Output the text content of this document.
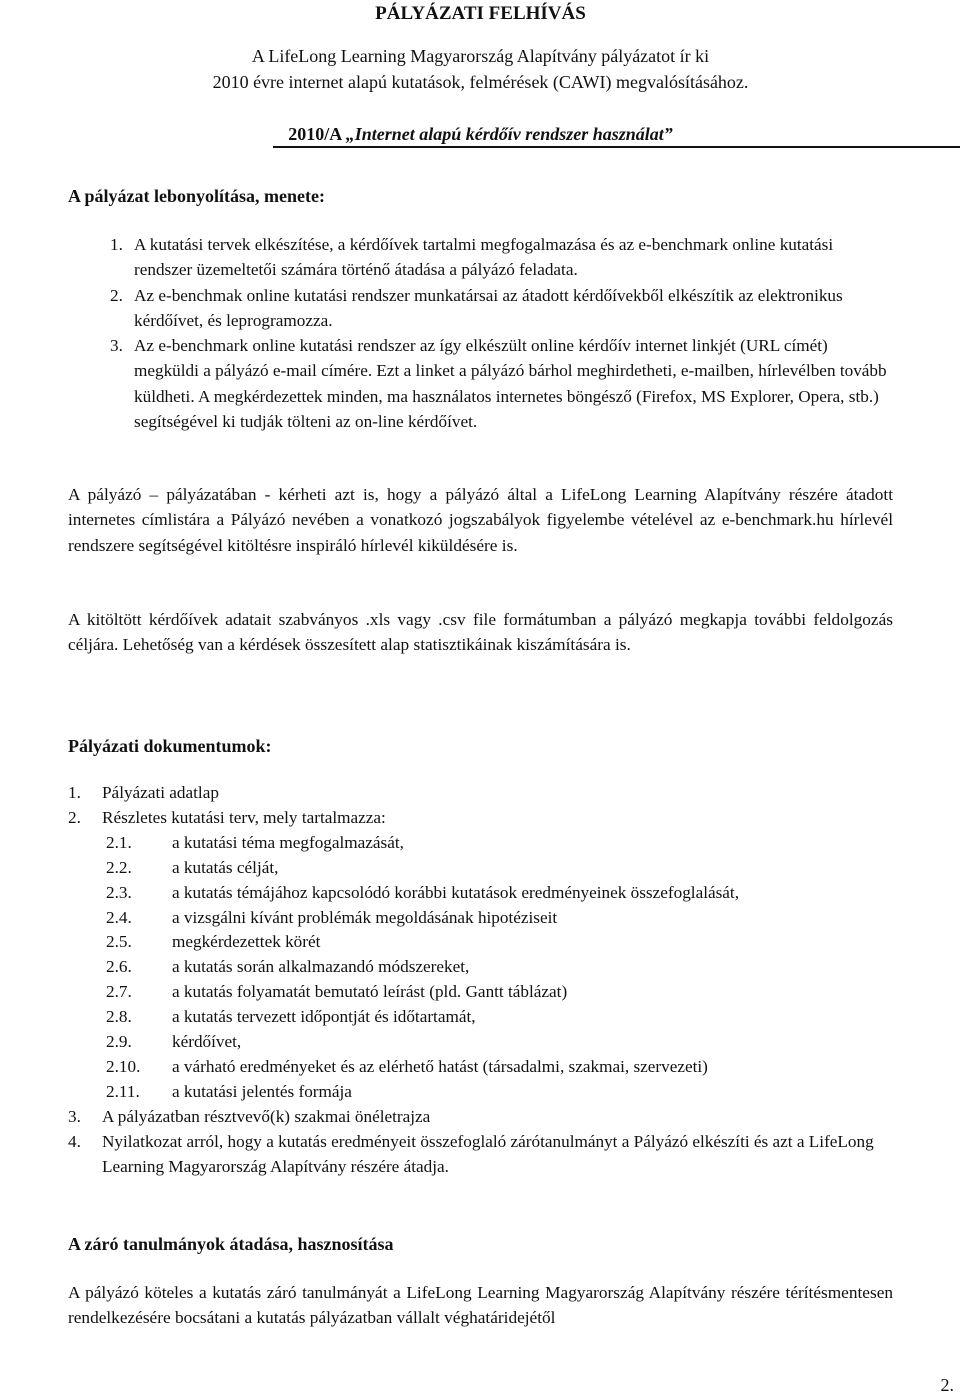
PÁLYÁZATI FELHÍVÁS
A LifeLong Learning Magyarország Alapítvány pályázatot ír ki
2010 évre internet alapú kutatások, felmérések (CAWI) megvalósításához.
2010/A „Internet alapú kérdőív rendszer használat”
A pályázat lebonyolítása, menete:
1. A kutatási tervek elkészítése, a kérdőívek tartalmi megfogalmazása és az e-benchmark online kutatási rendszer üzemeltetői számára történő átadása a pályázó feladata.
2. Az e-benchmak online kutatási rendszer munkatársai az átadott kérdőívekből elkészítik az elektronikus kérdőívet, és leprogramozza.
3. Az e-benchmark online kutatási rendszer az így elkészült online kérdőív internet linkjét (URL címét) megküldi a pályázó e-mail címére. Ezt a linket a pályázó bárhol meghirdetheti, e-mailben, hírlevélben tovább küldheti. A megkérdezettek minden, ma használatos internetes böngésző (Firefox, MS Explorer, Opera, stb.) segítségével ki tudják tölteni az on-line kérdőívet.
A pályázó – pályázatában - kérheti azt is, hogy a pályázó által a LifeLong Learning Alapítvány részére átadott internetes címlistára a Pályázó nevében a vonatkozó jogszabályok figyelembe vételével az e-benchmark.hu hírlevél rendszere segítségével kitöltésre inspiráló hírlevél kiküldésére is.
A kitöltött kérdőívek adatait szabványos .xls vagy .csv file formátumban a pályázó megkapja további feldolgozás céljára. Lehetőség van a kérdések összesített alap statisztikáinak kiszámítására is.
Pályázati dokumentumok:
1.	Pályázati adatlap
2.	Részletes kutatási terv, mely tartalmazza:
2.1.	a kutatási téma megfogalmazását,
2.2.	a kutatás célját,
2.3.	a kutatás témájához kapcsolódó korábbi kutatások eredményeinek összefoglalását,
2.4.	a vizsgálni kívánt problémák megoldásának hipotéziseit
2.5.	megkérdezettek körét
2.6.	a kutatás során alkalmazandó módszereket,
2.7.	a kutatás folyamatát bemutató leírást (pld. Gantt táblázat)
2.8.	a kutatás tervezett időpontját és időtartamát,
2.9.	kérdőívet,
2.10.	a várható eredményeket és az elérhető hatást (társadalmi, szakmai, szervezeti)
2.11.	a kutatási jelentés formája
3.	A pályázatban résztvevő(k) szakmai önéletrajza
4.	Nyilatkozat arról, hogy a kutatás eredményeit összefoglaló zárótanulmányt a Pályázó elkészíti és azt a LifeLong Learning Magyarország Alapítvány részére átadja.
A záró tanulmányok átadása, hasznosítása
A pályázó köteles a kutatás záró tanulmányát a LifeLong Learning Magyarország Alapítvány részére térítésmentesen rendelkezésére bocsátani a kutatás pályázatban vállalt véghatáridejétől
2.
